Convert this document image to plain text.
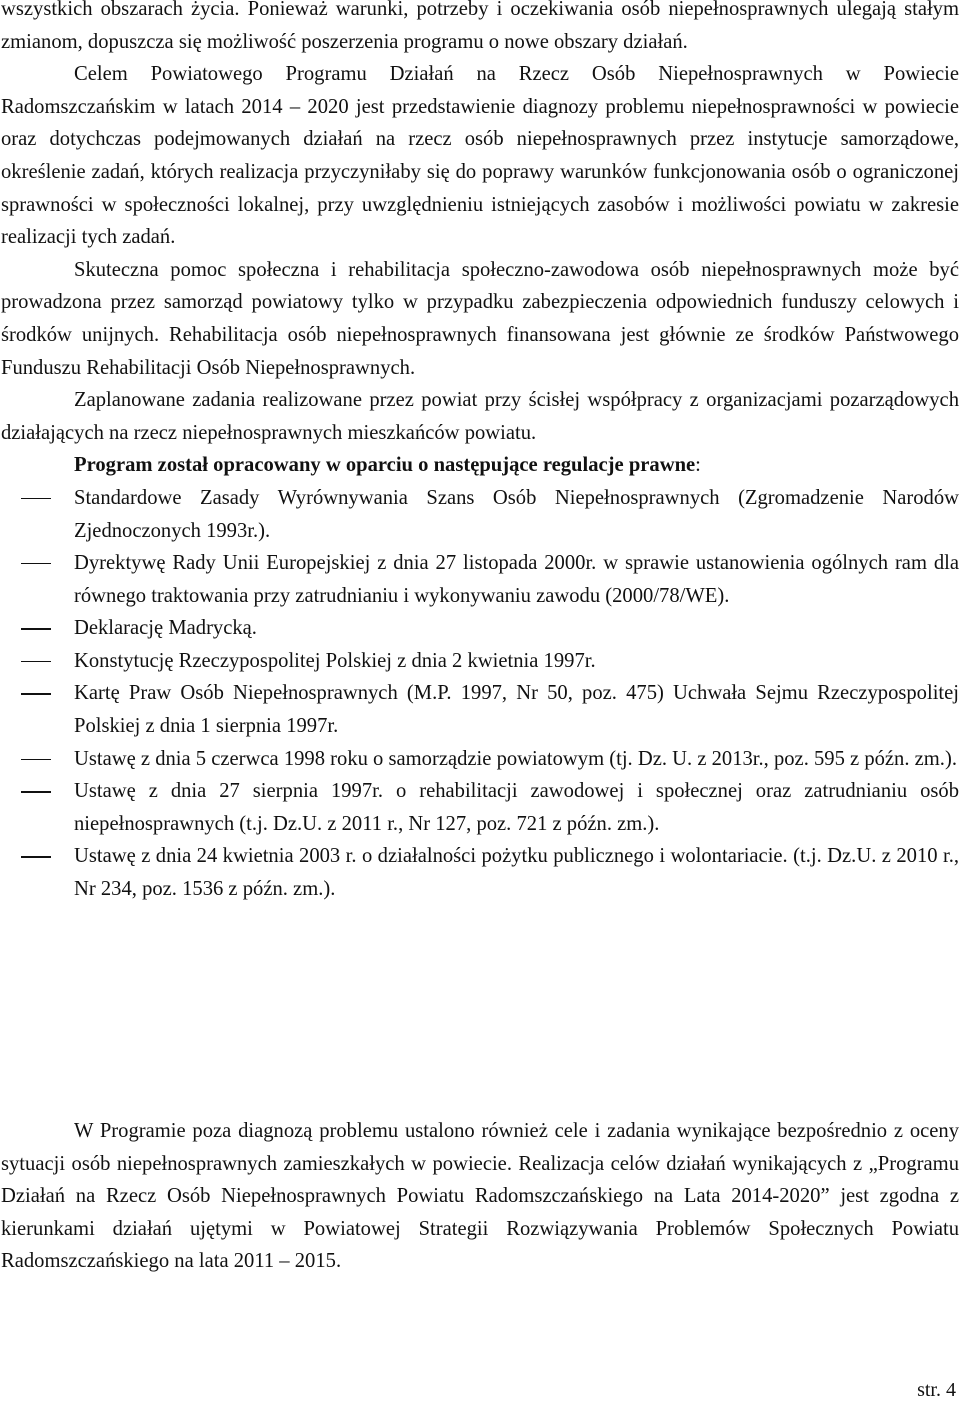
wszystkich obszarach życia. Ponieważ warunki, potrzeby i oczekiwania osób niepełnosprawnych ulegają stałym zmianom, dopuszcza się możliwość poszerzenia programu o nowe obszary działań.

Celem Powiatowego Programu Działań na Rzecz Osób Niepełnosprawnych w Powiecie Radomszczańskim w latach 2014 – 2020 jest przedstawienie diagnozy problemu niepełnosprawności w powiecie oraz dotychczas podejmowanych działań na rzecz osób niepełnosprawnych przez instytucje samorządowe, określenie zadań, których realizacja przyczyniłaby się do poprawy warunków funkcjonowania osób o ograniczonej sprawności w społeczności lokalnej, przy uwzględnieniu istniejących zasobów i możliwości powiatu w zakresie realizacji tych zadań.

Skuteczna pomoc społeczna i rehabilitacja społeczno-zawodowa osób niepełnosprawnych może być prowadzona przez samorząd powiatowy tylko w przypadku zabezpieczenia odpowiednich funduszy celowych i środków unijnych. Rehabilitacja osób niepełnosprawnych finansowana jest głównie ze środków Państwowego Funduszu Rehabilitacji Osób Niepełnosprawnych.

Zaplanowane zadania realizowane przez powiat przy ścisłej współpracy z organizacjami pozarządowych działających na rzecz niepełnosprawnych mieszkańców powiatu.

Program został opracowany w oparciu o następujące regulacje prawne:

Standardowe Zasady Wyrównywania Szans Osób Niepełnosprawnych (Zgromadzenie Narodów Zjednoczonych 1993r.).
Dyrektywę Rady Unii Europejskiej z dnia 27 listopada 2000r. w sprawie ustanowienia ogólnych ram dla równego traktowania przy zatrudnianiu i wykonywaniu zawodu (2000/78/WE).
Deklarację Madrycką.
Konstytucję Rzeczypospolitej Polskiej z dnia 2 kwietnia 1997r.
Kartę Praw Osób Niepełnosprawnych (M.P. 1997, Nr 50, poz. 475) Uchwała Sejmu Rzeczypospolitej Polskiej z dnia 1 sierpnia 1997r.
Ustawę z dnia 5 czerwca 1998 roku o samorządzie powiatowym (tj. Dz. U. z 2013r., poz. 595 z późn. zm.).
Ustawę z dnia 27 sierpnia 1997r. o rehabilitacji zawodowej i społecznej oraz zatrudnianiu osób niepełnosprawnych (t.j. Dz.U. z 2011 r., Nr 127, poz. 721 z późn. zm.).
Ustawę z dnia 24 kwietnia 2003 r. o działalności pożytku publicznego i wolontariacie. (t.j. Dz.U. z 2010 r., Nr 234, poz. 1536 z późn. zm.).

W Programie poza diagnozą problemu ustalono również cele i zadania wynikające bezpośrednio z oceny sytuacji osób niepełnosprawnych zamieszkałych w powiecie. Realizacja celów działań wynikających z „Programu Działań na Rzecz Osób Niepełnosprawnych Powiatu Radomszczańskiego na Lata 2014-2020” jest zgodna z kierunkami działań ujętymi w Powiatowej Strategii Rozwiązywania Problemów Społecznych Powiatu Radomszczańskiego na lata 2011 – 2015.

str. 4
